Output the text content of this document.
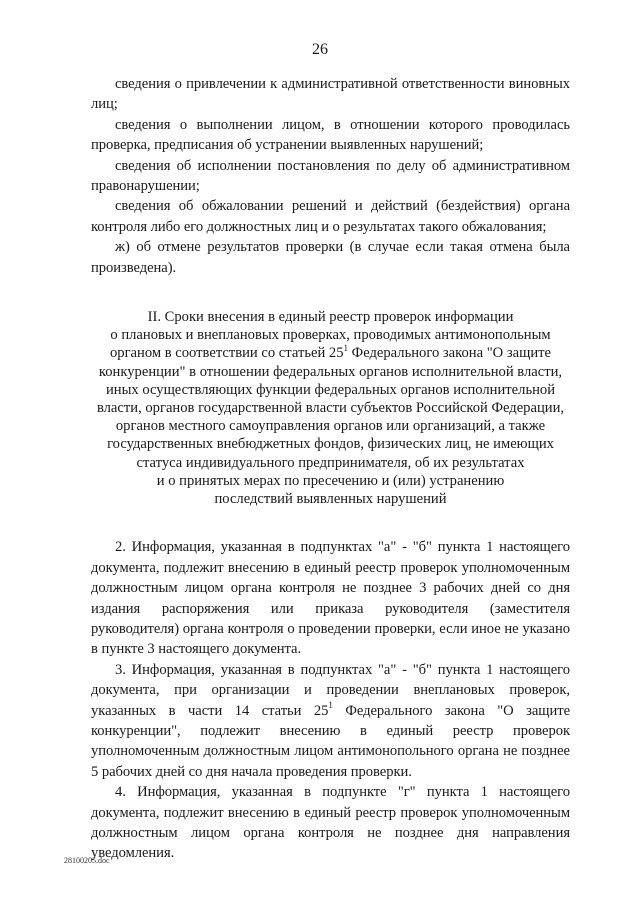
26

сведения о привлечении к административной ответственности виновных лиц;

сведения о выполнении лицом, в отношении которого проводилась проверка, предписания об устранении выявленных нарушений;

сведения об исполнении постановления по делу об административном правонарушении;

сведения об обжаловании решений и действий (бездействия) органа контроля либо его должностных лиц и о результатах такого обжалования;

ж) об отмене результатов проверки (в случае если такая отмена была произведена).

II. Сроки внесения в единый реестр проверок информации
о плановых и внеплановых проверках, проводимых антимонопольным
органом в соответствии со статьей $25^1$ Федерального закона "О защите
конкуренции" в отношении федеральных органов исполнительной власти,
иных осуществляющих функции федеральных органов исполнительной
власти, органов государственной власти субъектов Российской Федерации,
органов местного самоуправления органов или организаций, а также
государственных внебюджетных фондов, физических лиц, не имеющих
статуса индивидуального предпринимателя, об их результатах
и о принятых мерах по пресечению и (или) устранению
последствий выявленных нарушений

2. Информация, указанная в подпунктах "а" - "б" пункта 1 настоящего документа, подлежит внесению в единый реестр проверок уполномоченным должностным лицом органа контроля не позднее 3 рабочих дней со дня издания распоряжения или приказа руководителя (заместителя руководителя) органа контроля о проведении проверки, если иное не указано в пункте 3 настоящего документа.

3. Информация, указанная в подпунктах "а" - "б" пункта 1 настоящего документа, при организации и проведении внеплановых проверок, указанных в части 14 статьи $25^1$ Федерального закона "О защите конкуренции", подлежит внесению в единый реестр проверок уполномоченным должностным лицом антимонопольного органа не позднее 5 рабочих дней со дня начала проведения проверки.

4. Информация, указанная в подпункте "г" пункта 1 настоящего документа, подлежит внесению в единый реестр проверок уполномоченным должностным лицом органа контроля не позднее дня направления уведомления.

28100205.doc
